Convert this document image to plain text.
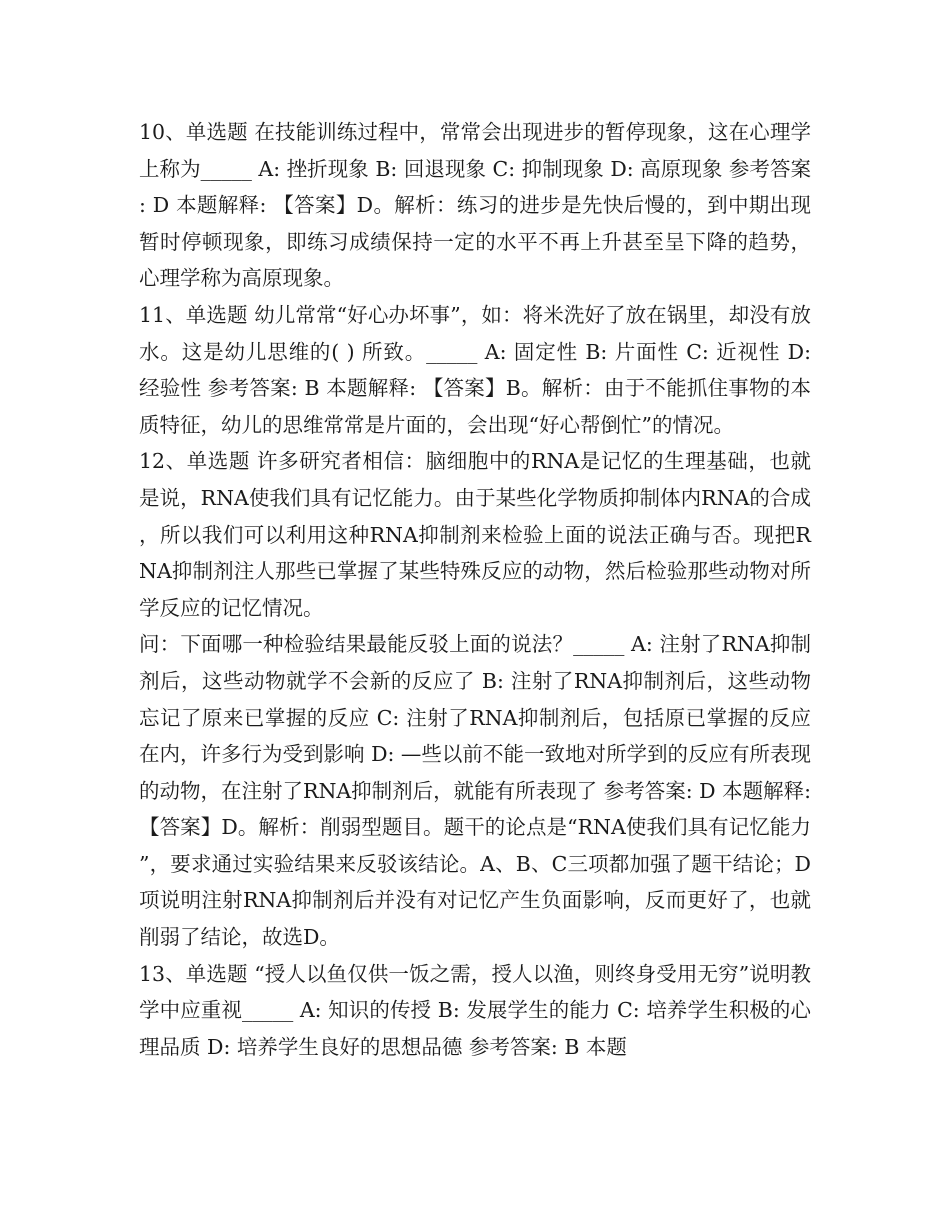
10、单选题 在技能训练过程中，常常会出现进步的暂停现象，这在心理学上称为_____ A: 挫折现象 B: 回退现象 C: 抑制现象 D: 高原现象 参考答案: D 本题解释: 【答案】D。解析：练习的进步是先快后慢的，到中期出现暂时停顿现象，即练习成绩保持一定的水平不再上升甚至呈下降的趋势，心理学称为高原现象。

11、单选题 幼儿常常“好心办坏事”，如：将米洗好了放在锅里，却没有放水。这是幼儿思维的( ) 所致。_____ A: 固定性 B: 片面性 C: 近视性 D: 经验性 参考答案: B 本题解释: 【答案】B。解析：由于不能抓住事物的本质特征，幼儿的思维常常是片面的，会出现“好心帮倒忙”的情况。

12、单选题 许多研究者相信：脑细胞中的RNA是记忆的生理基础，也就是说，RNA使我们具有记忆能力。由于某些化学物质抑制体内RNA的合成，所以我们可以利用这种RNA抑制剂来检验上面的说法正确与否。现把RNA抑制剂注人那些已掌握了某些特殊反应的动物，然后检验那些动物对所学反应的记忆情况。

问：下面哪一种检验结果最能反驳上面的说法？_____ A: 注射了RNA抑制剂后，这些动物就学不会新的反应了 B: 注射了RNA抑制剂后，这些动物忘记了原来已掌握的反应 C: 注射了RNA抑制剂后，包括原已掌握的反应在内，许多行为受到影响 D: —些以前不能一致地对所学到的反应有所表现的动物，在注射了RNA抑制剂后，就能有所表现了 参考答案: D 本题解释: 【答案】D。解析：削弱型题目。题干的论点是“RNA使我们具有记忆能力”，要求通过实验结果来反驳该结论。A、B、C三项都加强了题干结论；D项说明注射RNA抑制剂后并没有对记忆产生负面影响，反而更好了，也就削弱了结论，故选D。

13、单选题 “授人以鱼仅供一饭之需，授人以渔，则终身受用无穷”说明教学中应重视_____ A: 知识的传授 B: 发展学生的能力 C: 培养学生积极的心理品质 D: 培养学生良好的思想品德 参考答案: B 本题
